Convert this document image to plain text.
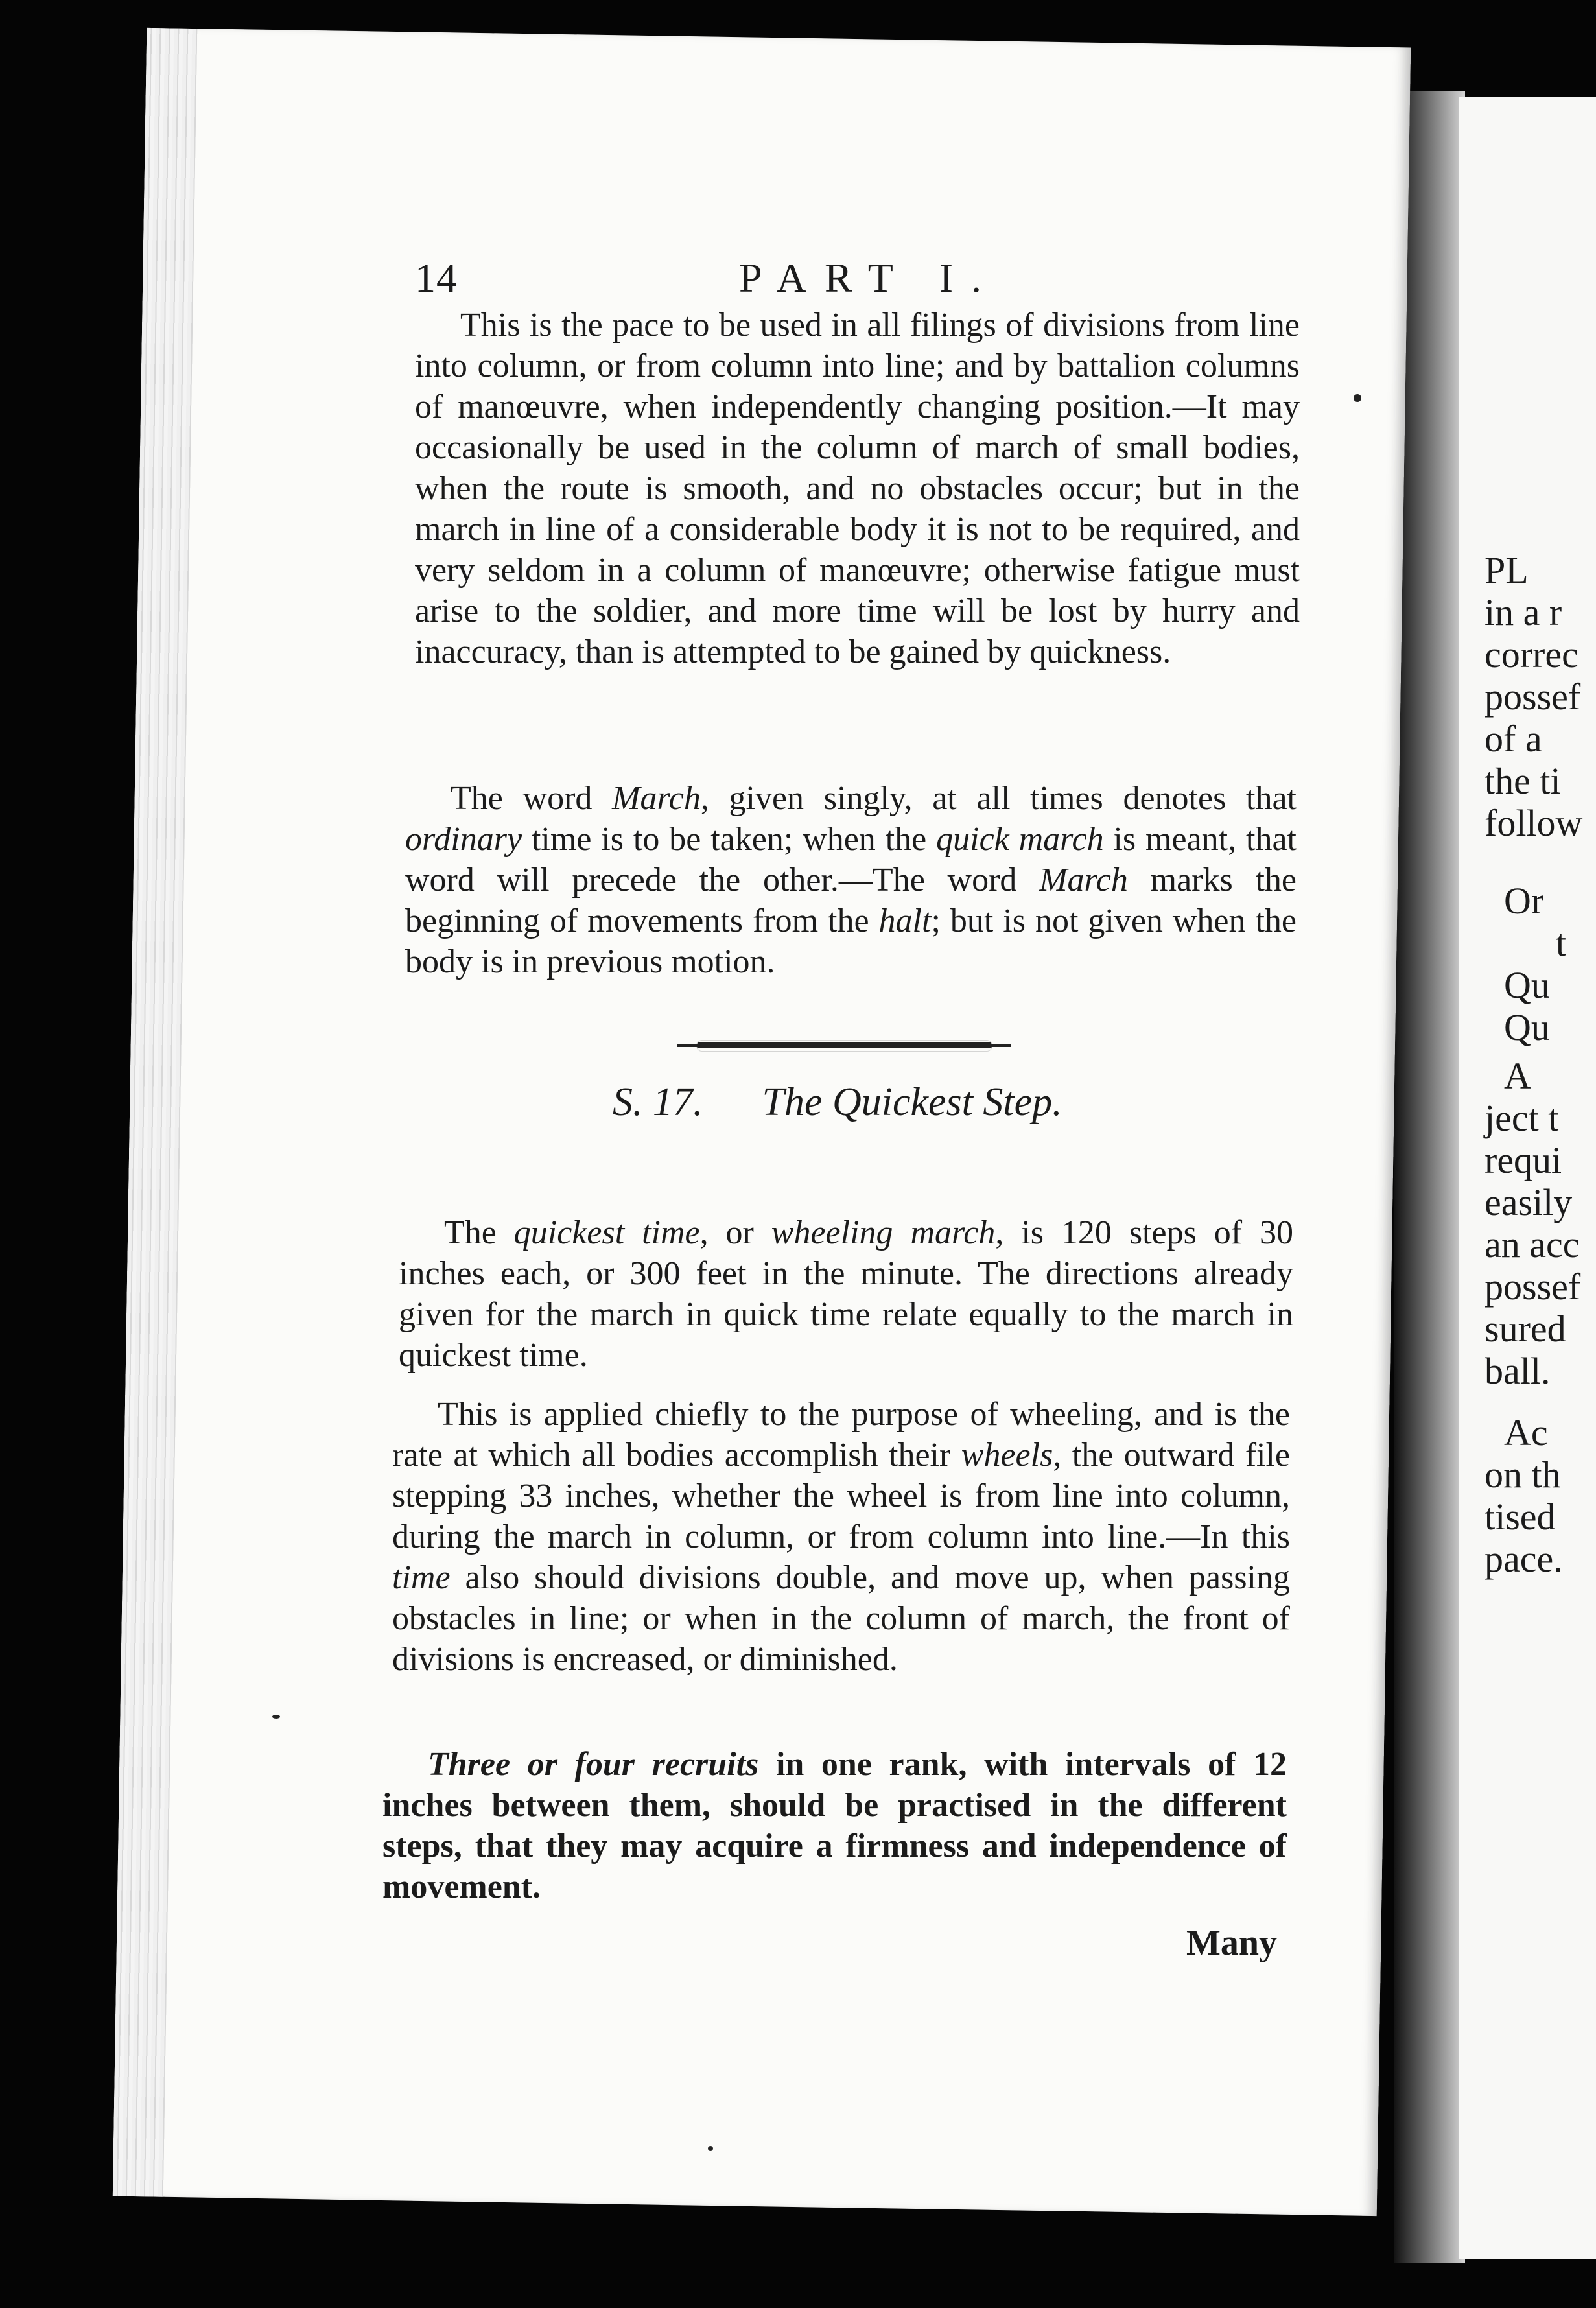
PL
in a r
correc
possef
of a
the ti
follow
Or
t
Qu
Qu
A
ject t
requi
easily
an acc
possef
sured
ball.
Ac
on th
tised
pace.
14	PART I.
This is the pace to be used in all filings of divisions from line into column, or from column into line; and by battalion columns of manœuvre, when independently changing position.—It may occasionally be used in the column of march of small bodies, when the route is smooth, and no obstacles occur; but in the march in line of a considerable body it is not to be required, and very seldom in a column of manœuvre; otherwise fatigue must arise to the soldier, and more time will be lost by hurry and inaccuracy, than is attempted to be gained by quickness.
The word March, given singly, at all times denotes that ordinary time is to be taken; when the quick march is meant, that word will precede the other.—The word March marks the beginning of movements from the halt; but is not given when the body is in previous motion.
S. 17. The Quickest Step.
The quickest time, or wheeling march, is 120 steps of 30 inches each, or 300 feet in the minute. The directions already given for the march in quick time relate equally to the march in quickest time.
This is applied chiefly to the purpose of wheeling, and is the rate at which all bodies accomplish their wheels, the outward file stepping 33 inches, whether the wheel is from line into column, during the march in column, or from column into line.—In this time also should divisions double, and move up, when passing obstacles in line; or when in the column of march, the front of divisions is encreased, or diminished.
Three or four recruits in one rank, with intervals of 12 inches between them, should be practised in the different steps, that they may acquire a firmness and independence of movement.
Many
